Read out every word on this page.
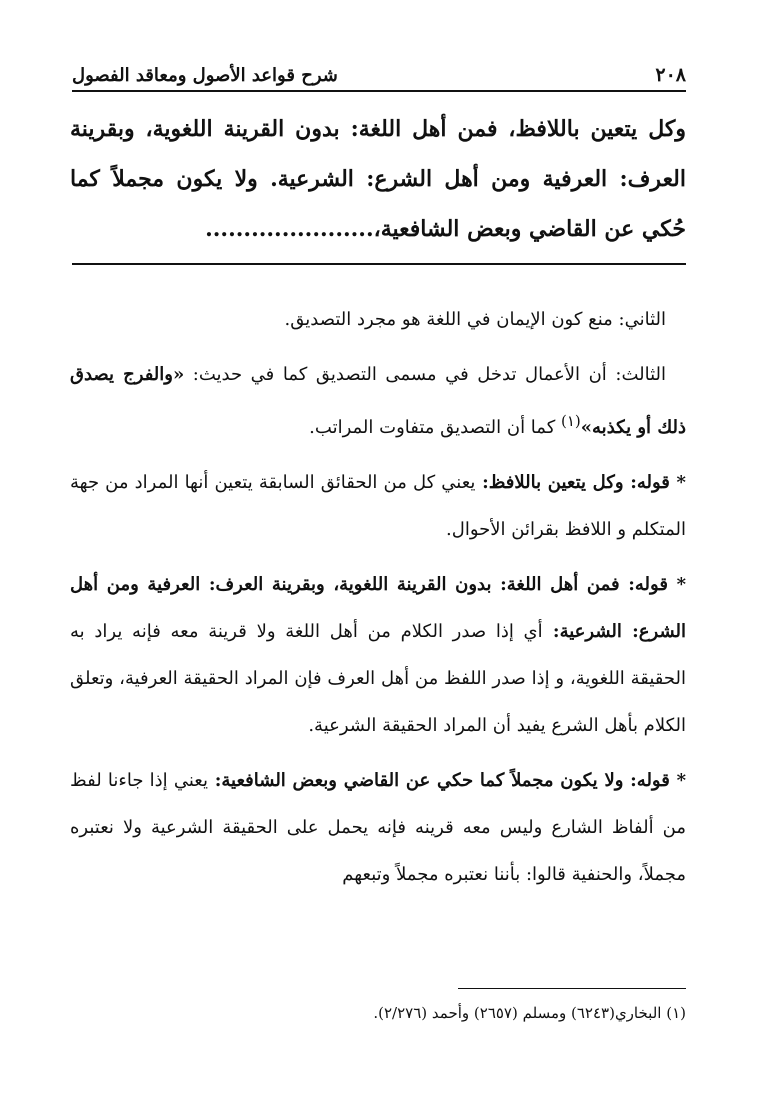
٢٠٨
شرح قواعد الأصول ومعاقد الفصول

وكل يتعين باللافظ، فمن أهل اللغة: بدون القرينة اللغوية، وبقرينة العرف: العرفية ومن أهل الشرع: الشرعية. ولا يكون مجملاً كما حُكي عن القاضي وبعض الشافعية،......................

الثاني: منع كون الإيمان في اللغة هو مجرد التصديق.

الثالث: أن الأعمال تدخل في مسمى التصديق كما في حديث: «والفرج يصدق ذلك أو يكذبه»$^{(١)}$ كما أن التصديق متفاوت المراتب.

* قوله: وكل يتعين باللافظ: يعني كل من الحقائق السابقة يتعين أنها المراد من جهة المتكلم و اللافظ بقرائن الأحوال.

* قوله: فمن أهل اللغة: بدون القرينة اللغوية، وبقرينة العرف: العرفية ومن أهل الشرع: الشرعية: أي إذا صدر الكلام من أهل اللغة ولا قرينة معه فإنه يراد به الحقيقة اللغوية، و إذا صدر اللفظ من أهل العرف فإن المراد الحقيقة العرفية، وتعلق الكلام بأهل الشرع يفيد أن المراد الحقيقة الشرعية.

* قوله: ولا يكون مجملاً كما حكي عن القاضي وبعض الشافعية: يعني إذا جاءنا لفظ من ألفاظ الشارع وليس معه قرينه فإنه يحمل على الحقيقة الشرعية ولا نعتبره مجملاً، والحنفية قالوا: بأننا نعتبره مجملاً وتبعهم

(١) البخاري(٦٢٤٣) ومسلم (٢٦٥٧) وأحمد (٢/٢٧٦).
